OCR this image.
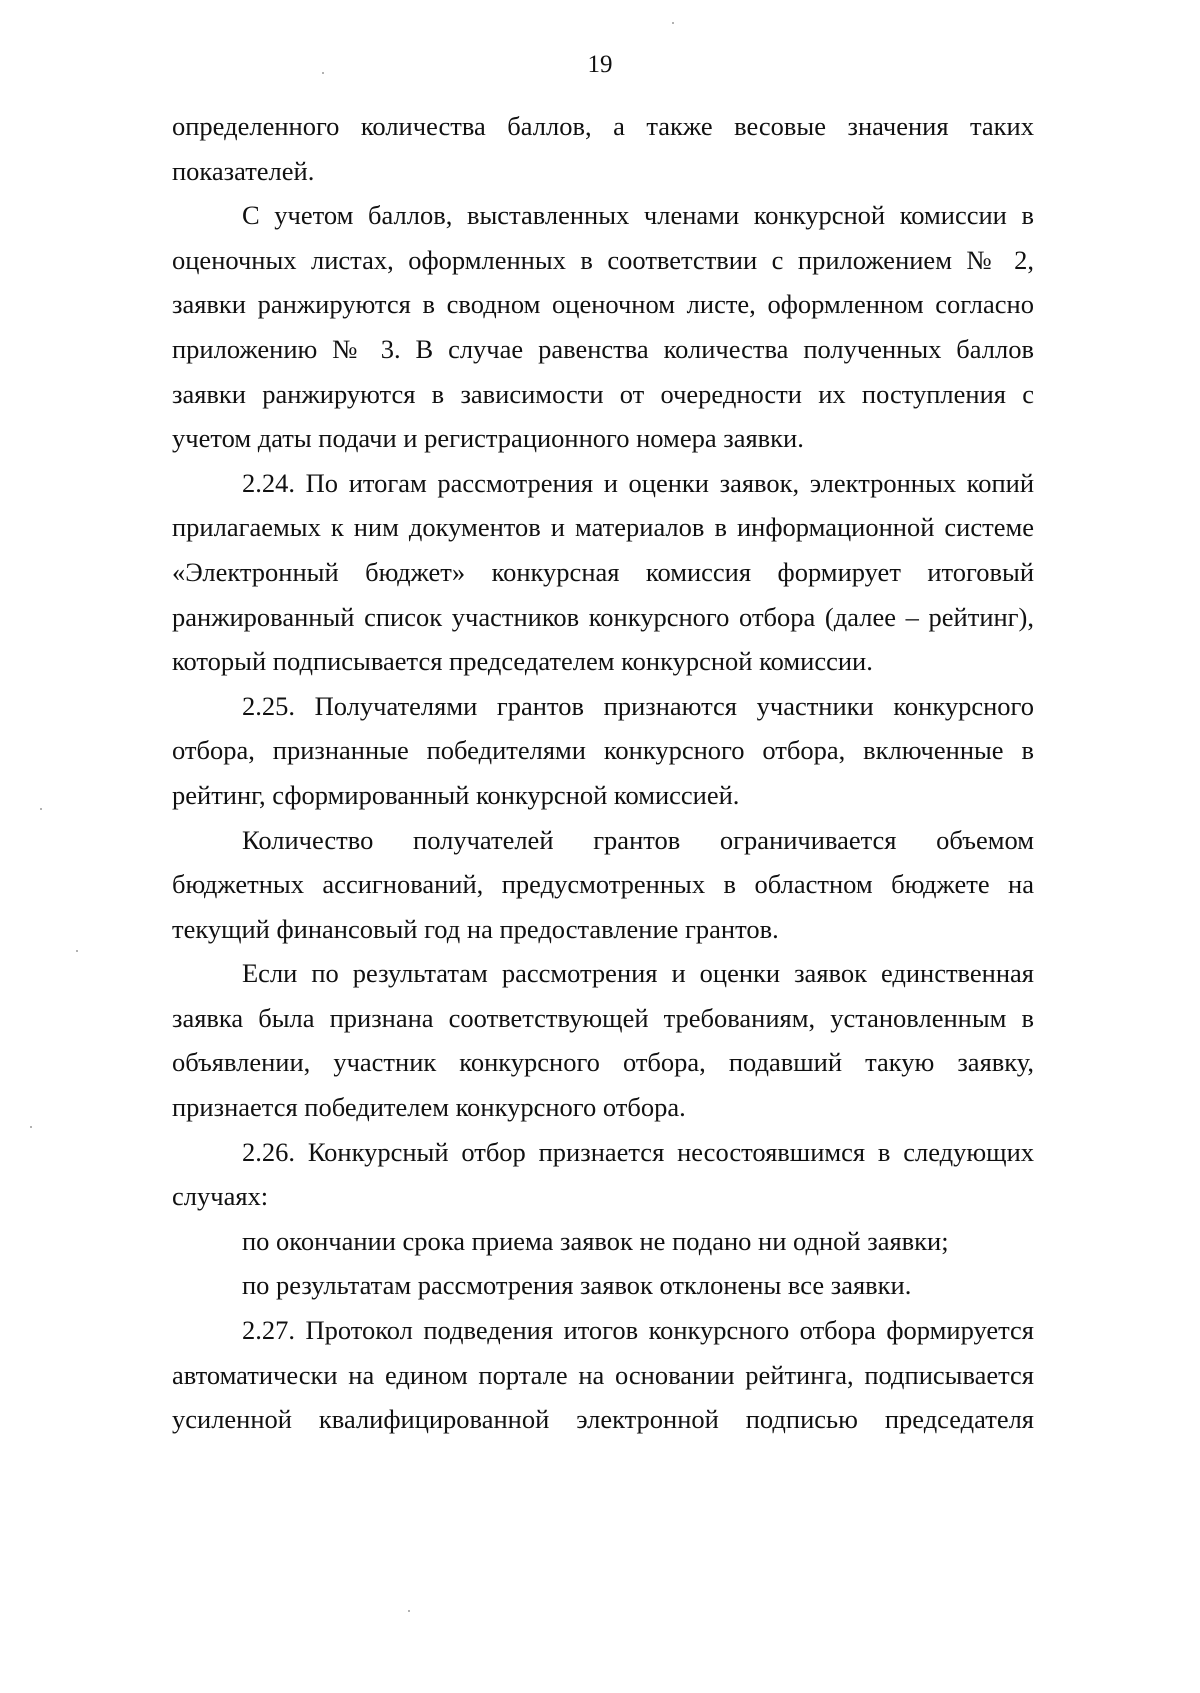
19

определенного количества баллов, а также весовые значения таких показателей.

С учетом баллов, выставленных членами конкурсной комиссии в оценочных листах, оформленных в соответствии с приложением № 2, заявки ранжируются в сводном оценочном листе, оформленном согласно приложению № 3. В случае равенства количества полученных баллов заявки ранжируются в зависимости от очередности их поступления с учетом даты подачи и регистрационного номера заявки.

2.24. По итогам рассмотрения и оценки заявок, электронных копий прилагаемых к ним документов и материалов в информационной системе «Электронный бюджет» конкурсная комиссия формирует итоговый ранжированный список участников конкурсного отбора (далее – рейтинг), который подписывается председателем конкурсной комиссии.

2.25. Получателями грантов признаются участники конкурсного отбора, признанные победителями конкурсного отбора, включенные в рейтинг, сформированный конкурсной комиссией.

Количество получателей грантов ограничивается объемом бюджетных ассигнований, предусмотренных в областном бюджете на текущий финансовый год на предоставление грантов.

Если по результатам рассмотрения и оценки заявок единственная заявка была признана соответствующей требованиям, установленным в объявлении, участник конкурсного отбора, подавший такую заявку, признается победителем конкурсного отбора.

2.26. Конкурсный отбор признается несостоявшимся в следующих случаях:

по окончании срока приема заявок не подано ни одной заявки;

по результатам рассмотрения заявок отклонены все заявки.

2.27. Протокол подведения итогов конкурсного отбора формируется автоматически на едином портале на основании рейтинга, подписывается усиленной квалифицированной электронной подписью председателя
